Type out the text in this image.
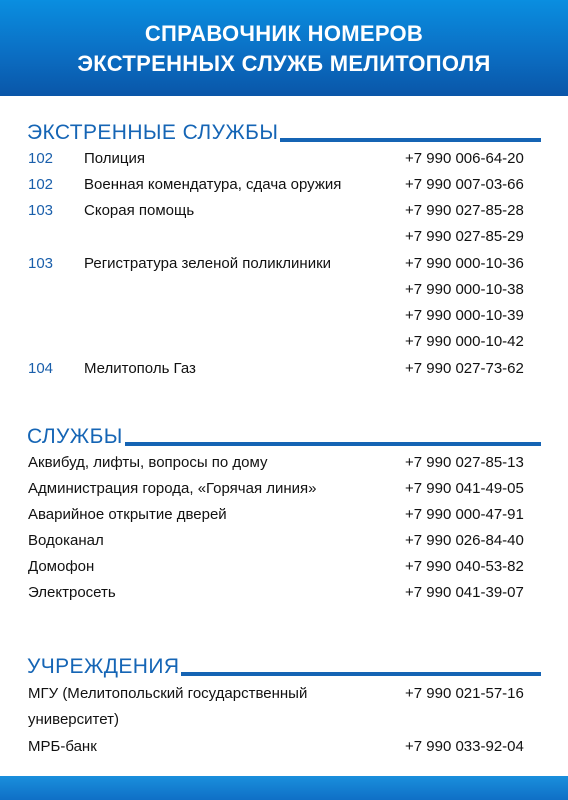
СПРАВОЧНИК НОМЕРОВ
ЭКСТРЕННЫХ СЛУЖБ МЕЛИТОПОЛЯ
ЭКСТРЕННЫЕ СЛУЖБЫ
102 Полиция	+7 990 006-64-20
102 Военная комендатура, сдача оружия	+7 990 007-03-66
103 Скорая помощь	+7 990 027-85-28
+7 990 027-85-29
103 Регистратура зеленой поликлиники	+7 990 000-10-36
+7 990 000-10-38
+7 990 000-10-39
+7 990 000-10-42
104 Мелитополь Газ	+7 990 027-73-62
СЛУЖБЫ
Аквибуд, лифты, вопросы по дому	+7 990 027-85-13
Администрация города, «Горячая линия»	+7 990 041-49-05
Аварийное открытие дверей	+7 990 000-47-91
Водоканал	+7 990 026-84-40
Домофон	+7 990 040-53-82
Электросеть	+7 990 041-39-07
УЧРЕЖДЕНИЯ
МГУ (Мелитопольский государственный	+7 990 021-57-16
университет)
МРБ-банк	+7 990 033-92-04
